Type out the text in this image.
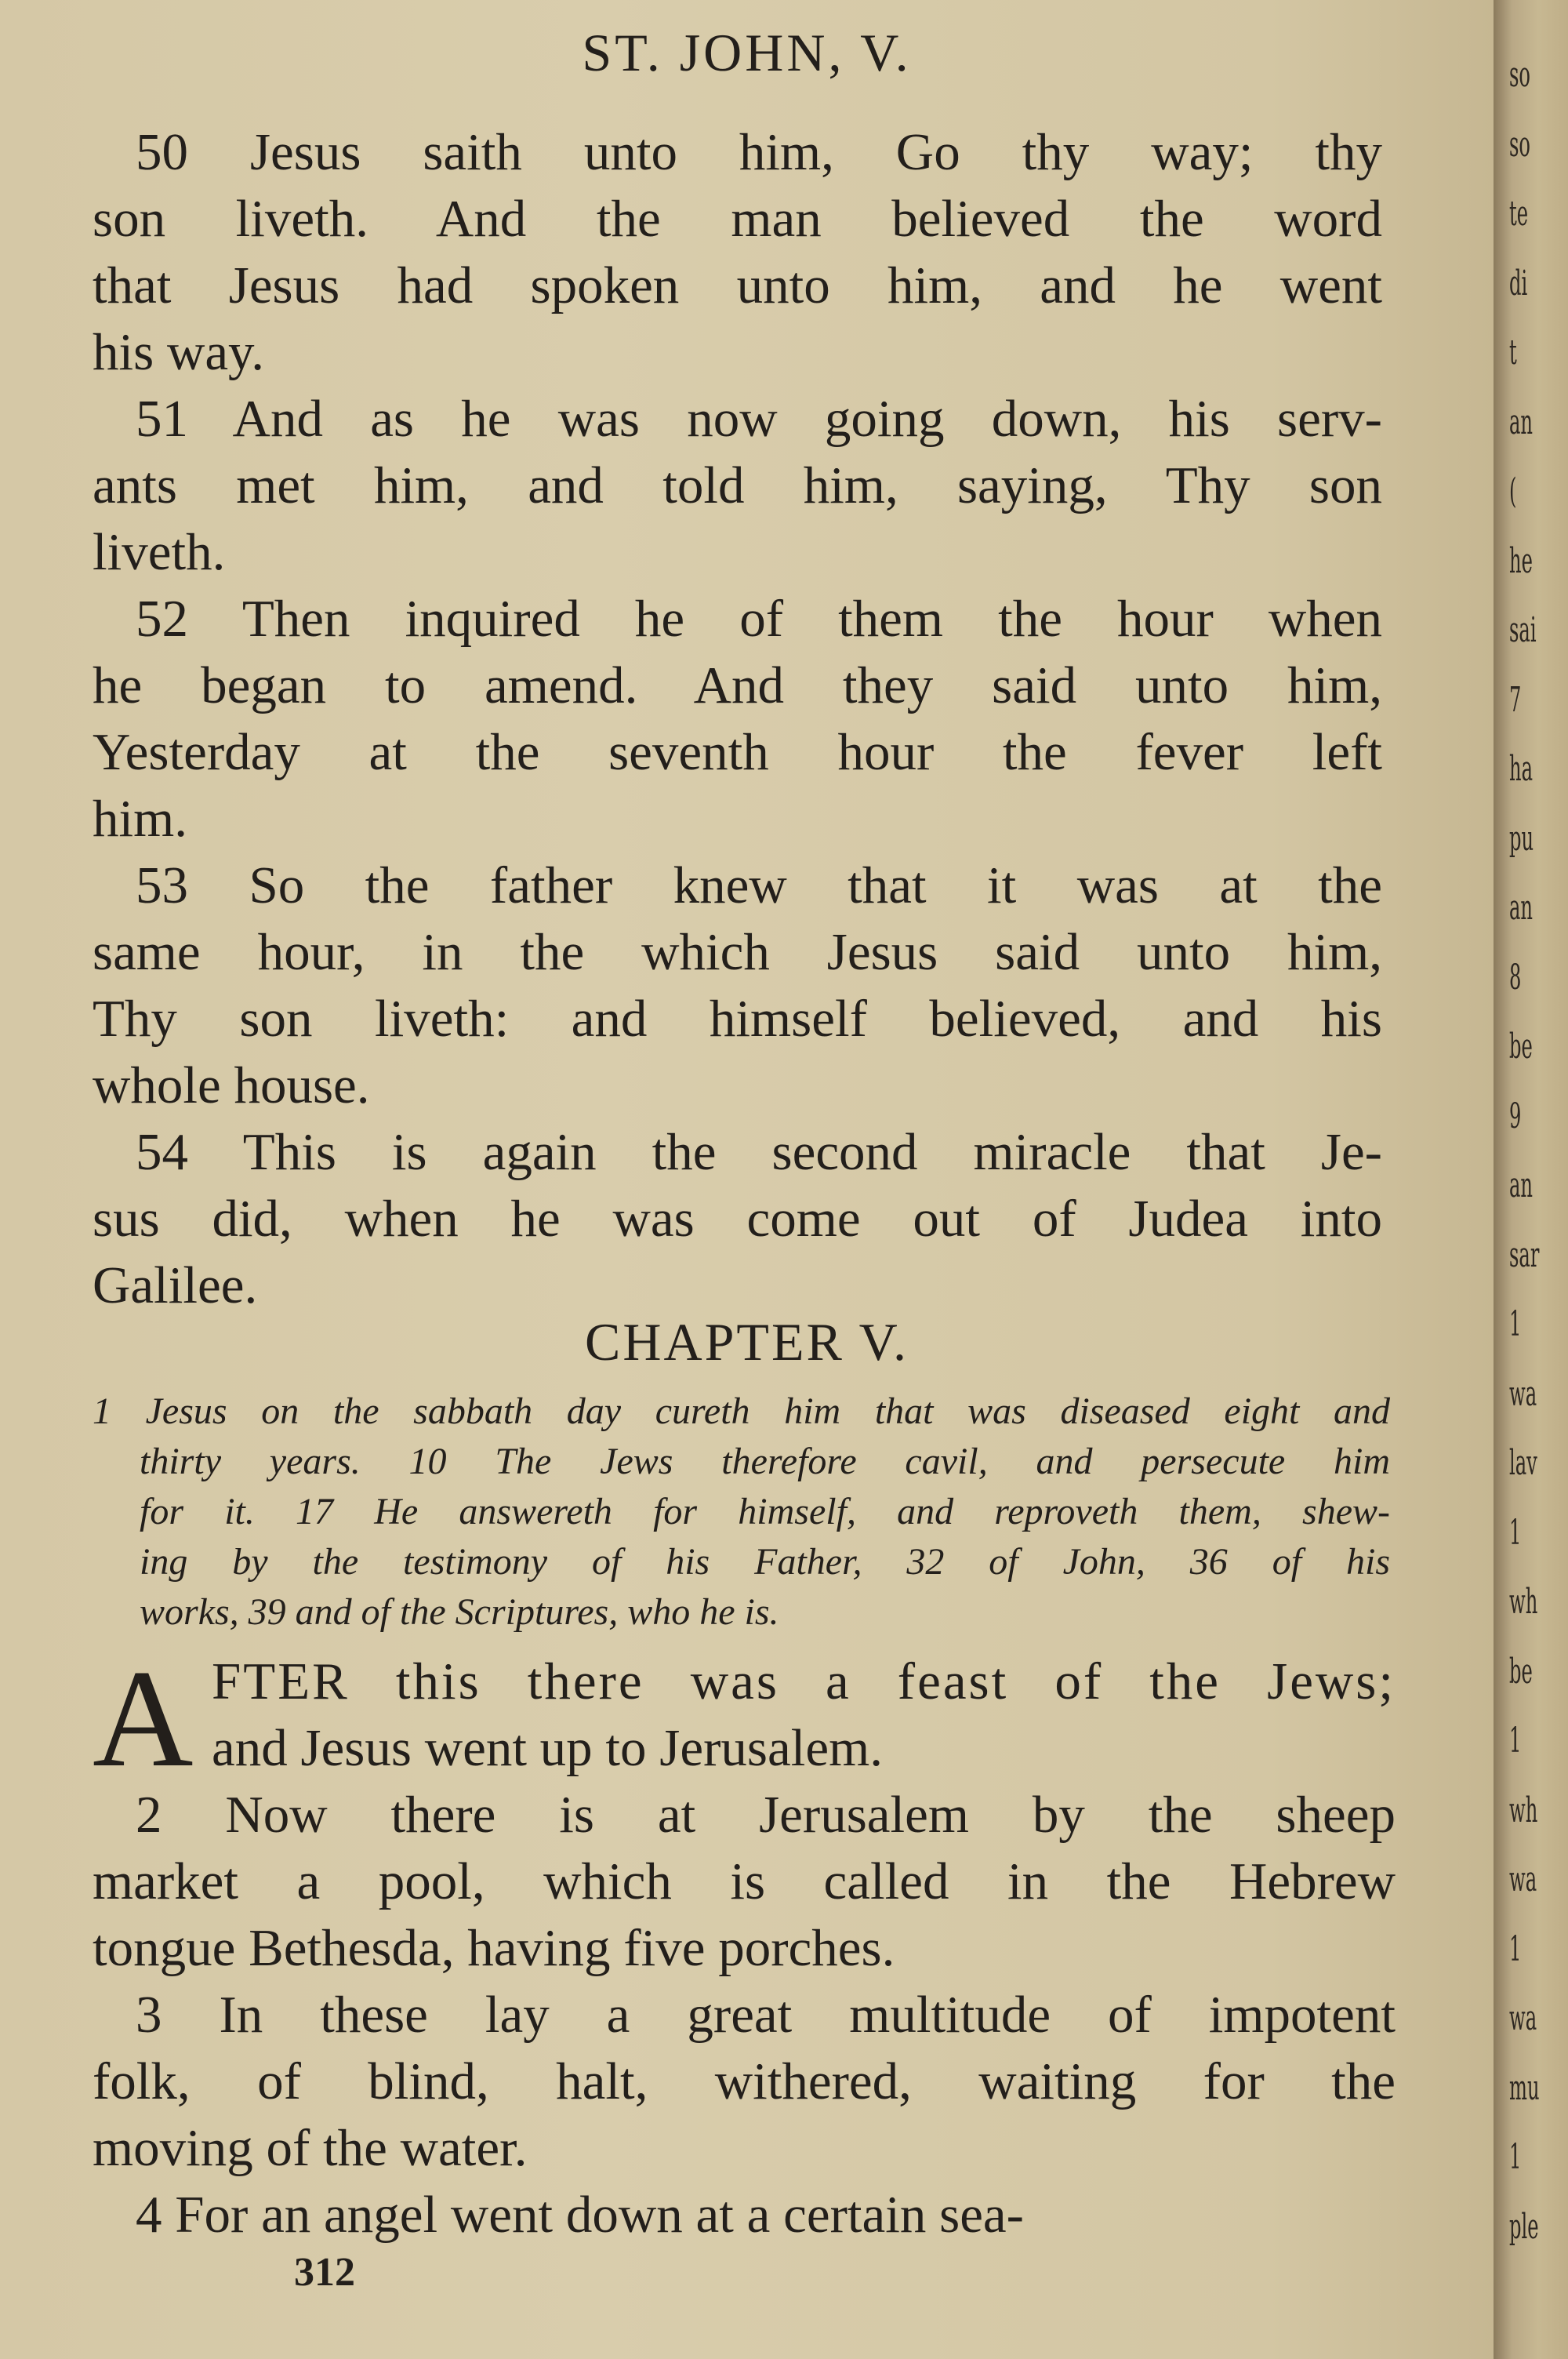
ST. JOHN, V.
50 Jesus saith unto him, Go thy way; thy
son liveth. And the man believed the word
that Jesus had spoken unto him, and he went
his way.
51 And as he was now going down, his serv-
ants met him, and told him, saying, Thy son
liveth.
52 Then inquired he of them the hour when
he began to amend. And they said unto him,
Yesterday at the seventh hour the fever left
him.
53 So the father knew that it was at the
same hour, in the which Jesus said unto him,
Thy son liveth: and himself believed, and his
whole house.
54 This is again the second miracle that Je-
sus did, when he was come out of Judea into
Galilee.
CHAPTER V.
1 Jesus on the sabbath day cureth him that was diseased eight and
thirty years. 10 The Jews therefore cavil, and persecute him
for it. 17 He answereth for himself, and reproveth them, shew-
ing by the testimony of his Father, 32 of John, 36 of his
works, 39 and of the Scriptures, who he is.
A FTER this there was a feast of the Jews;
and Jesus went up to Jerusalem.
2 Now there is at Jerusalem by the sheep
market a pool, which is called in the Hebrew
tongue Bethesda, having five porches.
3 In these lay a great multitude of impotent
folk, of blind, halt, withered, waiting for the
moving of the water.
4 For an angel went down at a certain sea-
312
so
so
te
di
t
an
(
he
sai
7
ha
pu
an
8
be
9
an
sar
1
wa
lav
1
wh
be
1
wh
wa
1
wa
mu
1
ple
